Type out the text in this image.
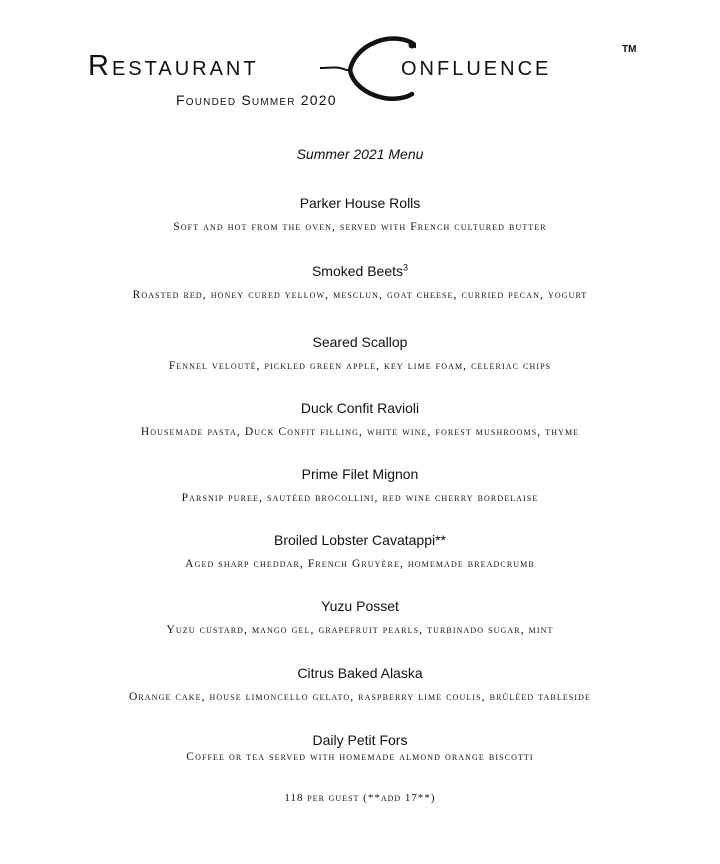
Restaurant	onfluence
TM
Founded Summer 2020
Summer 2021 Menu
Parker House Rolls
Soft and hot from the oven, served with French cultured butter
Smoked Beets$^3$
Roasted red, honey cured yellow, mesclun, goat cheese, curried pecan, yogurt
Seared Scallop
Fennel velouté, pickled green apple, key lime foam, celeriac chips
Duck Confit Ravioli
Housemade pasta, Duck Confit filling, white wine, forest mushrooms, thyme
Prime Filet Mignon
Parsnip puree, sautéed brocollini, red wine cherry bordelaise
Broiled Lobster Cavatappi**
Aged sharp cheddar, French Gruyère, homemade breadcrumb
Yuzu Posset
Yuzu custard, mango gel, grapefruit pearls, turbinado sugar, mint
Citrus Baked Alaska
Orange cake, house limoncello gelato, raspberry lime coulis, brûléed tableside
Daily Petit Fors
Coffee or tea served with homemade almond orange biscotti
118 per guest (**add 17**)
